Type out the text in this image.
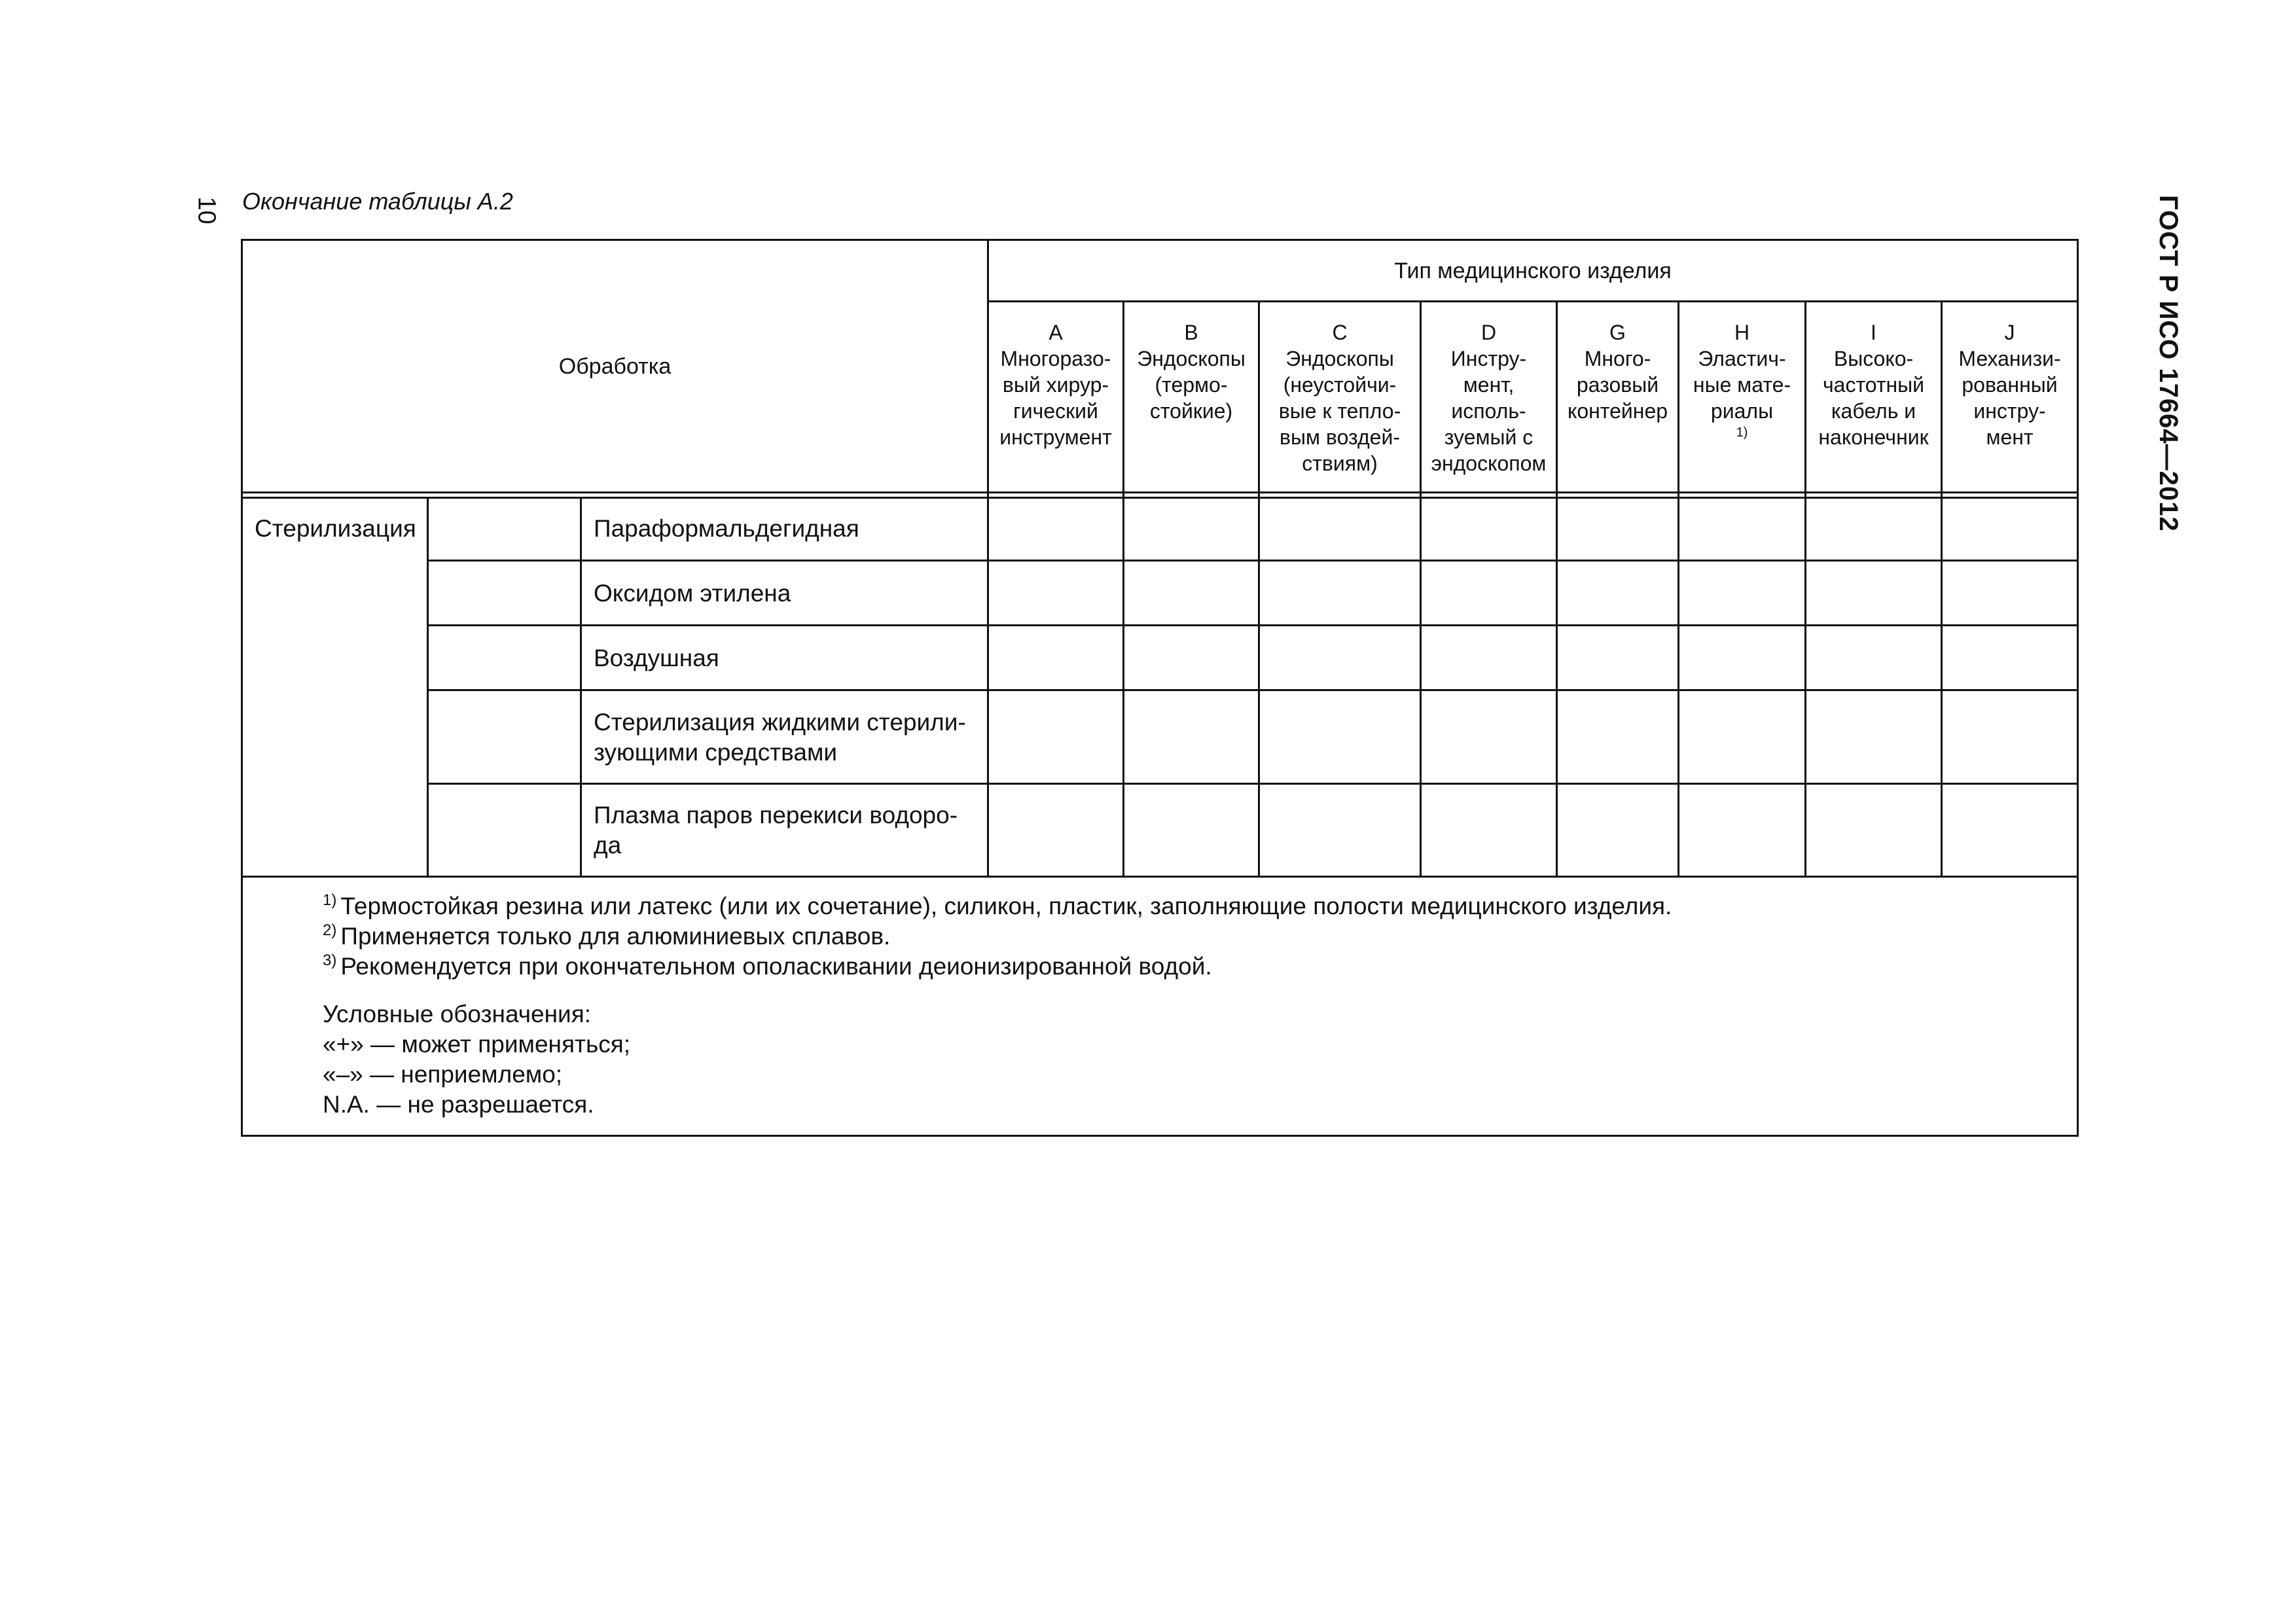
10 Окончание таблицы А.2	ГОСТ Р ИСО 17664—2012
Обработка
Тип медицинского изделия
A
Многоразо-
вый хирур-
гический
инструмент
B
Эндоскопы
(термо-
стойкие)
C
Эндоскопы
(неустойчи-
вые к тепло-
вым воздей-
ствиям)
D
Инстру-
мент,
исполь-
зуемый с
эндоскопом
G
Много-
разовый
контейнер
H
Эластич-
ные мате-
риалы
$^{1)}$
I
Высоко-
частотный
кабель и
наконечник
J
Механизи-
рованный
инстру-
мент
Стерилизация	Параформальдегидная
Оксидом этилена
Воздушная
Стерилизация жидкими стерили-
зующими средствами
Плазма паров перекиси водоро-
да
$^{1)}$ Термостойкая резина или латекс (или их сочетание), силикон, пластик, заполняющие полости медицинского изделия.
$^{2)}$ Применяется только для алюминиевых сплавов.
$^{3)}$ Рекомендуется при окончательном ополаскивании деионизированной водой.
Условные обозначения:
«+» — может применяться;
«–» — неприемлемо;
N.A. — не разрешается.
